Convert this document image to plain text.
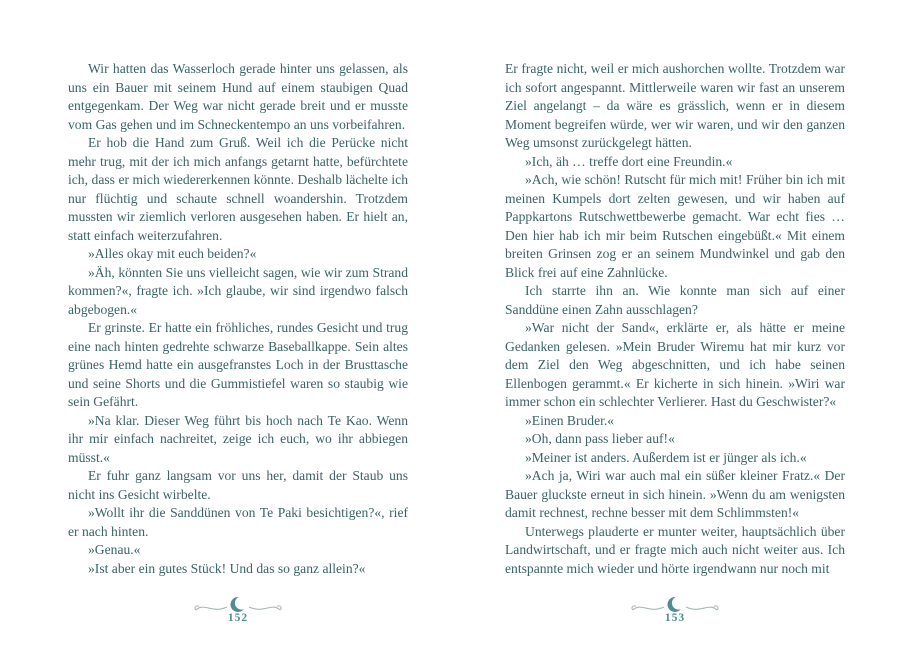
Wir hatten das Wasserloch gerade hinter uns gelassen, als uns ein Bauer mit seinem Hund auf einem staubigen Quad entgegenkam. Der Weg war nicht gerade breit und er musste vom Gas gehen und im Schneckentempo an uns vorbeifahren.

Er hob die Hand zum Gruß. Weil ich die Perücke nicht mehr trug, mit der ich mich anfangs getarnt hatte, befürchtete ich, dass er mich wiedererkennen könnte. Deshalb lächelte ich nur flüchtig und schaute schnell woandershin. Trotzdem mussten wir ziemlich verloren ausgesehen haben. Er hielt an, statt einfach weiterzufahren.

»Alles okay mit euch beiden?«

»Äh, könnten Sie uns vielleicht sagen, wie wir zum Strand kommen?«, fragte ich. »Ich glaube, wir sind irgendwo falsch abgebogen.«

Er grinste. Er hatte ein fröhliches, rundes Gesicht und trug eine nach hinten gedrehte schwarze Baseballkappe. Sein altes grünes Hemd hatte ein ausgefranstes Loch in der Brusttasche und seine Shorts und die Gummistiefel waren so staubig wie sein Gefährt.

»Na klar. Dieser Weg führt bis hoch nach Te Kao. Wenn ihr mir einfach nachreitet, zeige ich euch, wo ihr abbiegen müsst.«

Er fuhr ganz langsam vor uns her, damit der Staub uns nicht ins Gesicht wirbelte.

»Wollt ihr die Sanddünen von Te Paki besichtigen?«, rief er nach hinten.

»Genau.«

»Ist aber ein gutes Stück! Und das so ganz allein?«

152

Er fragte nicht, weil er mich aushorchen wollte. Trotzdem war ich sofort angespannt. Mittlerweile waren wir fast an unserem Ziel angelangt – da wäre es grässlich, wenn er in diesem Moment begreifen würde, wer wir waren, und wir den ganzen Weg umsonst zurückgelegt hätten.

»Ich, äh … treffe dort eine Freundin.«

»Ach, wie schön! Rutscht für mich mit! Früher bin ich mit meinen Kumpels dort zelten gewesen, und wir haben auf Pappkartons Rutschwettbewerbe gemacht. War echt fies … Den hier hab ich mir beim Rutschen eingebüßt.« Mit einem breiten Grinsen zog er an seinem Mundwinkel und gab den Blick frei auf eine Zahnlücke.

Ich starrte ihn an. Wie konnte man sich auf einer Sanddüne einen Zahn ausschlagen?

»War nicht der Sand«, erklärte er, als hätte er meine Gedanken gelesen. »Mein Bruder Wiremu hat mir kurz vor dem Ziel den Weg abgeschnitten, und ich habe seinen Ellenbogen gerammt.« Er kicherte in sich hinein. »Wiri war immer schon ein schlechter Verlierer. Hast du Geschwister?«

»Einen Bruder.«

»Oh, dann pass lieber auf!«

»Meiner ist anders. Außerdem ist er jünger als ich.«

»Ach ja, Wiri war auch mal ein süßer kleiner Fratz.« Der Bauer gluckste erneut in sich hinein. »Wenn du am wenigsten damit rechnest, rechne besser mit dem Schlimmsten!«

Unterwegs plauderte er munter weiter, hauptsächlich über Landwirtschaft, und er fragte mich auch nicht weiter aus. Ich entspannte mich wieder und hörte irgendwann nur noch mit

153
